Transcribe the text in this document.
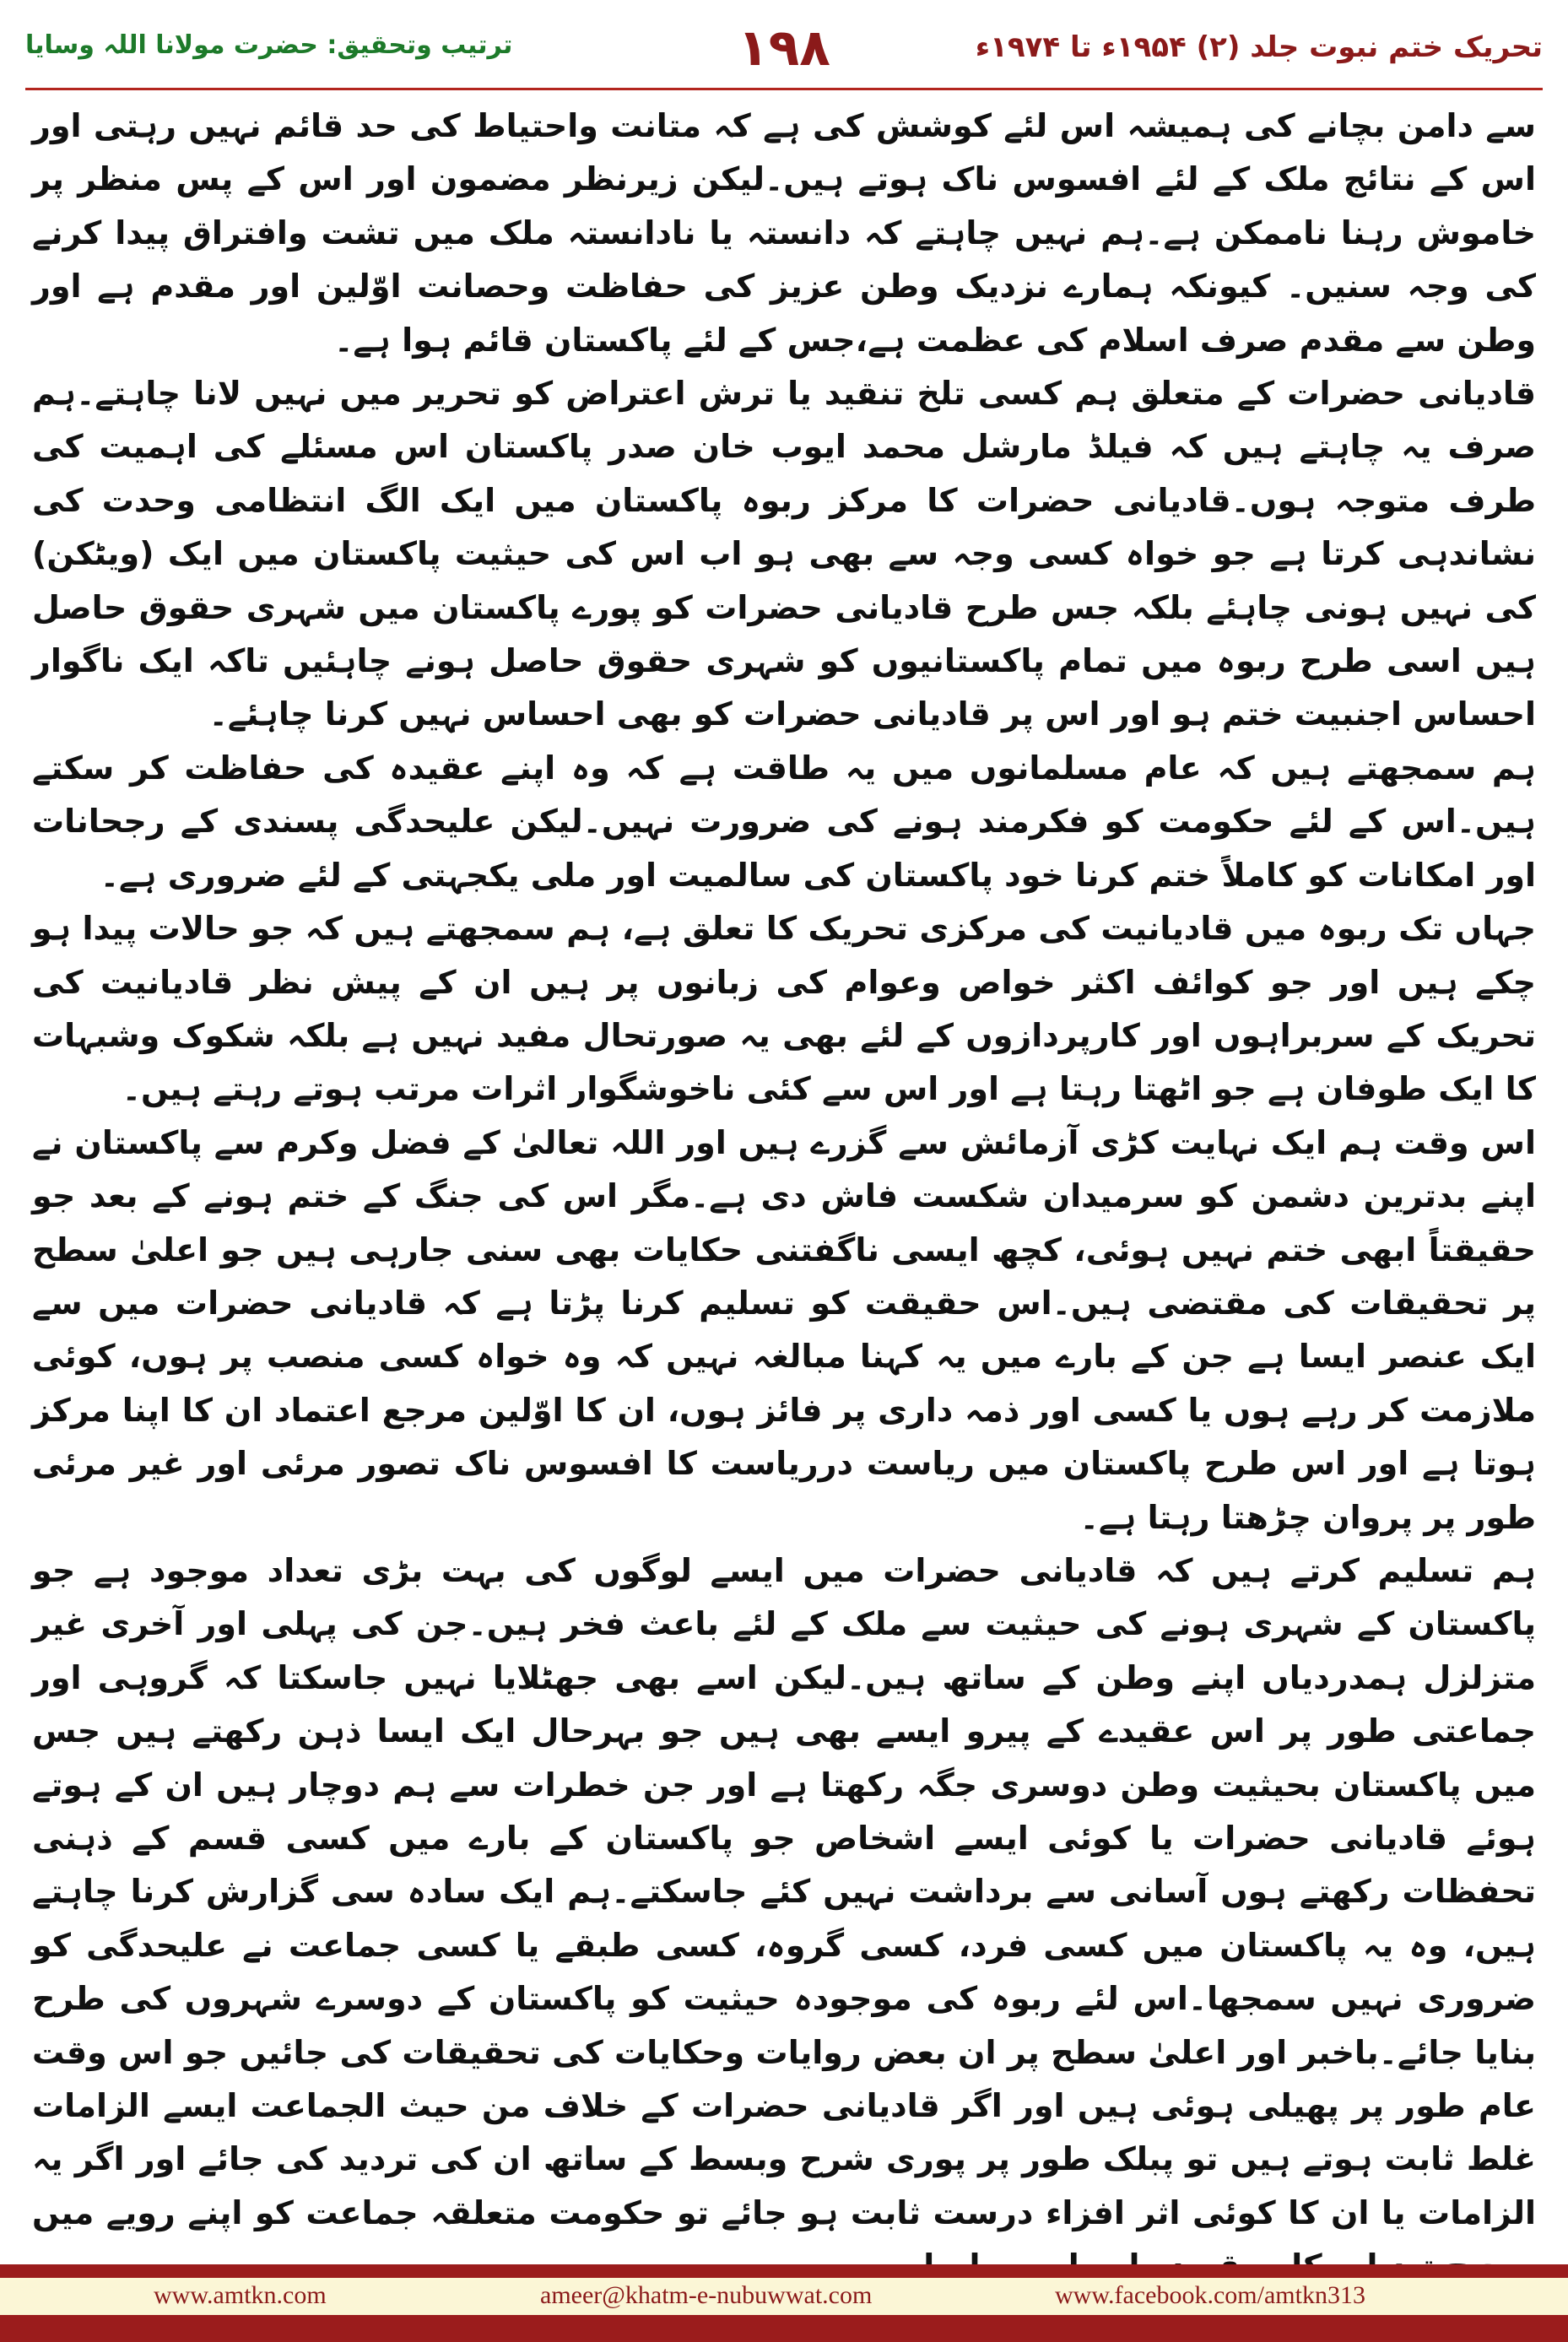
تحریک ختم نبوت جلد (۲) ۱۹۵۴ء تا ۱۹۷۴ء
۱۹۸
ترتیب وتحقیق: حضرت مولانا اللہ وسایا

سے دامن بچانے کی ہمیشہ اس لئے کوشش کی ہے کہ متانت واحتیاط کی حد قائم نہیں رہتی اور اس کے نتائج ملک کے لئے افسوس ناک ہوتے ہیں۔لیکن زیرنظر مضمون اور اس کے پس منظر پر خاموش رہنا ناممکن ہے۔ہم نہیں چاہتے کہ دانستہ یا نادانستہ ملک میں تشت وافتراق پیدا کرنے کی وجہ سنیں۔ کیونکہ ہمارے نزدیک وطن عزیز کی حفاظت وحصانت اوّلین اور مقدم ہے اور وطن سے مقدم صرف اسلام کی عظمت ہے،جس کے لئے پاکستان قائم ہوا ہے۔

قادیانی حضرات کے متعلق ہم کسی تلخ تنقید یا ترش اعتراض کو تحریر میں نہیں لانا چاہتے۔ہم صرف یہ چاہتے ہیں کہ فیلڈ مارشل محمد ایوب خان صدر پاکستان اس مسئلے کی اہمیت کی طرف متوجہ ہوں۔قادیانی حضرات کا مرکز ربوہ پاکستان میں ایک الگ انتظامی وحدت کی نشاندہی کرتا ہے جو خواہ کسی وجہ سے بھی ہو اب اس کی حیثیت پاکستان میں ایک (ویٹکن) کی نہیں ہونی چاہئے بلکہ جس طرح قادیانی حضرات کو پورے پاکستان میں شہری حقوق حاصل ہیں اسی طرح ربوہ میں تمام پاکستانیوں کو شہری حقوق حاصل ہونے چاہئیں تاکہ ایک ناگوار احساس اجنبیت ختم ہو اور اس پر قادیانی حضرات کو بھی احساس نہیں کرنا چاہئے۔

ہم سمجھتے ہیں کہ عام مسلمانوں میں یہ طاقت ہے کہ وہ اپنے عقیدہ کی حفاظت کر سکتے ہیں۔اس کے لئے حکومت کو فکرمند ہونے کی ضرورت نہیں۔لیکن علیحدگی پسندی کے رجحانات اور امکانات کو کاملاً ختم کرنا خود پاکستان کی سالمیت اور ملی یکجہتی کے لئے ضروری ہے۔

جہاں تک ربوہ میں قادیانیت کی مرکزی تحریک کا تعلق ہے، ہم سمجھتے ہیں کہ جو حالات پیدا ہو چکے ہیں اور جو کوائف اکثر خواص وعوام کی زبانوں پر ہیں ان کے پیش نظر قادیانیت کی تحریک کے سربراہوں اور کارپردازوں کے لئے بھی یہ صورتحال مفید نہیں ہے بلکہ شکوک وشبہات کا ایک طوفان ہے جو اٹھتا رہتا ہے اور اس سے کئی ناخوشگوار اثرات مرتب ہوتے رہتے ہیں۔

اس وقت ہم ایک نہایت کڑی آزمائش سے گزرے ہیں اور اللہ تعالیٰ کے فضل وکرم سے پاکستان نے اپنے بدترین دشمن کو سرمیدان شکست فاش دی ہے۔مگر اس کی جنگ کے ختم ہونے کے بعد جو حقیقتاً ابھی ختم نہیں ہوئی، کچھ ایسی ناگفتنی حکایات بھی سنی جارہی ہیں جو اعلیٰ سطح پر تحقیقات کی مقتضی ہیں۔اس حقیقت کو تسلیم کرنا پڑتا ہے کہ قادیانی حضرات میں سے ایک عنصر ایسا ہے جن کے بارے میں یہ کہنا مبالغہ نہیں کہ وہ خواہ کسی منصب پر ہوں، کوئی ملازمت کر رہے ہوں یا کسی اور ذمہ داری پر فائز ہوں، ان کا اوّلین مرجع اعتماد ان کا اپنا مرکز ہوتا ہے اور اس طرح پاکستان میں ریاست درریاست کا افسوس ناک تصور مرئی اور غیر مرئی طور پر پروان چڑھتا رہتا ہے۔

ہم تسلیم کرتے ہیں کہ قادیانی حضرات میں ایسے لوگوں کی بہت بڑی تعداد موجود ہے جو پاکستان کے شہری ہونے کی حیثیت سے ملک کے لئے باعث فخر ہیں۔جن کی پہلی اور آخری غیر متزلزل ہمدردیاں اپنے وطن کے ساتھ ہیں۔لیکن اسے بھی جھٹلایا نہیں جاسکتا کہ گروہی اور جماعتی طور پر اس عقیدے کے پیرو ایسے بھی ہیں جو بہرحال ایک ایسا ذہن رکھتے ہیں جس میں پاکستان بحیثیت وطن دوسری جگہ رکھتا ہے اور جن خطرات سے ہم دوچار ہیں ان کے ہوتے ہوئے قادیانی حضرات یا کوئی ایسے اشخاص جو پاکستان کے بارے میں کسی قسم کے ذہنی تحفظات رکھتے ہوں آسانی سے برداشت نہیں کئے جاسکتے۔ہم ایک سادہ سی گزارش کرنا چاہتے ہیں، وہ یہ پاکستان میں کسی فرد، کسی گروہ، کسی طبقے یا کسی جماعت نے علیحدگی کو ضروری نہیں سمجھا۔اس لئے ربوہ کی موجودہ حیثیت کو پاکستان کے دوسرے شہروں کی طرح بنایا جائے۔باخبر اور اعلیٰ سطح پر ان بعض روایات وحکایات کی تحقیقات کی جائیں جو اس وقت عام طور پر پھیلی ہوئی ہیں اور اگر قادیانی حضرات کے خلاف من حیث الجماعت ایسے الزامات غلط ثابت ہوتے ہیں تو پبلک طور پر پوری شرح وبسط کے ساتھ ان کی تردید کی جائے اور اگر یہ الزامات یا ان کا کوئی اثر افزاء درست ثابت ہو جائے تو حکومت متعلقہ جماعت کو اپنے رویے میں

www.amtkn.com	ameer@khatm-e-nubuwwat.com	www.facebook.com/amtkn313
